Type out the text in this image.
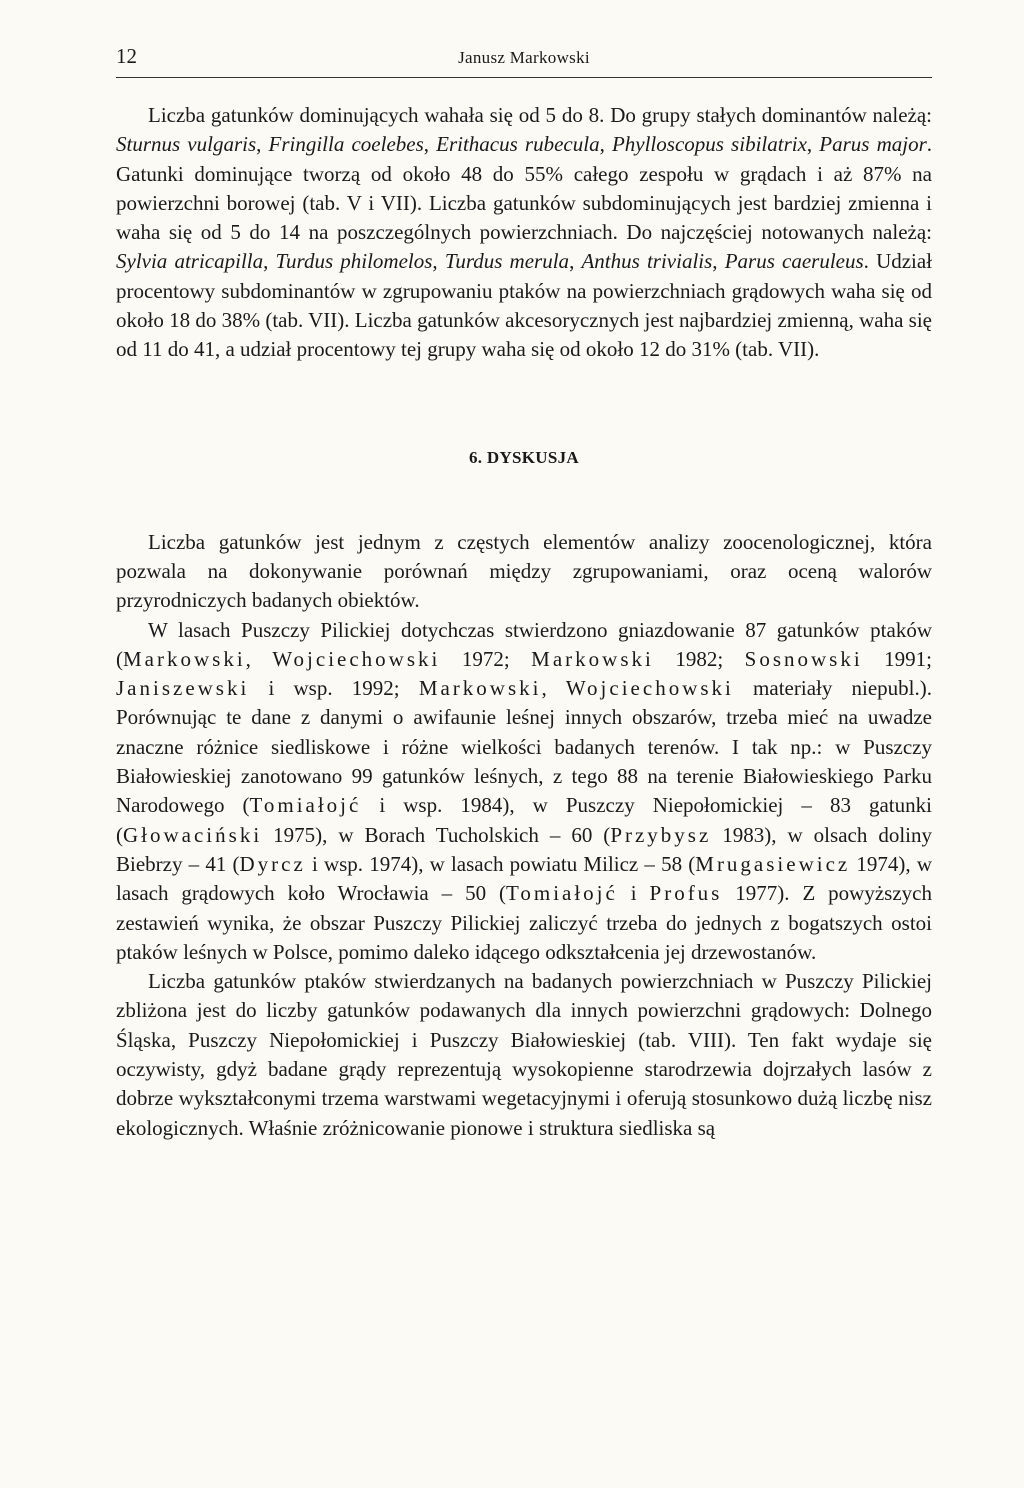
12	Janusz Markowski

Liczba gatunków dominujących wahała się od 5 do 8. Do grupy stałych dominantów należą: Sturnus vulgaris, Fringilla coelebes, Erithacus rubecula, Phylloscopus sibilatrix, Parus major. Gatunki dominujące tworzą od około 48 do 55% całego zespołu w grądach i aż 87% na powierzchni borowej (tab. V i VII). Liczba gatunków subdominujących jest bardziej zmienna i waha się od 5 do 14 na poszczególnych powierzchniach. Do najczęściej notowanych należą: Sylvia atricapilla, Turdus philomelos, Turdus merula, Anthus trivialis, Parus caeruleus. Udział procentowy subdominantów w zgrupowaniu ptaków na powierzchniach grądowych waha się od około 18 do 38% (tab. VII). Liczba gatunków akcesorycznych jest najbardziej zmienną, waha się od 11 do 41, a udział procentowy tej grupy waha się od około 12 do 31% (tab. VII).

6. DYSKUSJA

Liczba gatunków jest jednym z częstych elementów analizy zoocenologicznej, która pozwala na dokonywanie porównań między zgrupowaniami, oraz oceną walorów przyrodniczych badanych obiektów.

W lasach Puszczy Pilickiej dotychczas stwierdzono gniazdowanie 87 gatunków ptaków (Markowski, Wojciechowski 1972; Markowski 1982; Sosnowski 1991; Janiszewski i wsp. 1992; Markowski, Wojciechowski materiały niepubl.). Porównując te dane z danymi o awifaunie leśnej innych obszarów, trzeba mieć na uwadze znaczne różnice siedliskowe i różne wielkości badanych terenów. I tak np.: w Puszczy Białowieskiej zanotowano 99 gatunków leśnych, z tego 88 na terenie Białowieskiego Parku Narodowego (Tomiałojć i wsp. 1984), w Puszczy Niepołomickiej – 83 gatunki (Głowaciński 1975), w Borach Tucholskich – 60 (Przybysz 1983), w olsach doliny Biebrzy – 41 (Dyrcz i wsp. 1974), w lasach powiatu Milicz – 58 (Mrugasiewicz 1974), w lasach grądowych koło Wrocławia – 50 (Tomiałojć i Profus 1977). Z powyższych zestawień wynika, że obszar Puszczy Pilickiej zaliczyć trzeba do jednych z bogatszych ostoi ptaków leśnych w Polsce, pomimo daleko idącego odkształcenia jej drzewostanów.

Liczba gatunków ptaków stwierdzanych na badanych powierzchniach w Puszczy Pilickiej zbliżona jest do liczby gatunków podawanych dla innych powierzchni grądowych: Dolnego Śląska, Puszczy Niepołomickiej i Puszczy Białowieskiej (tab. VIII). Ten fakt wydaje się oczywisty, gdyż badane grądy reprezentują wysokopienne starodrzewia dojrzałych lasów z dobrze wykształconymi trzema warstwami wegetacyjnymi i oferują stosunkowo dużą liczbę nisz ekologicznych. Właśnie zróżnicowanie pionowe i struktura siedliska są
